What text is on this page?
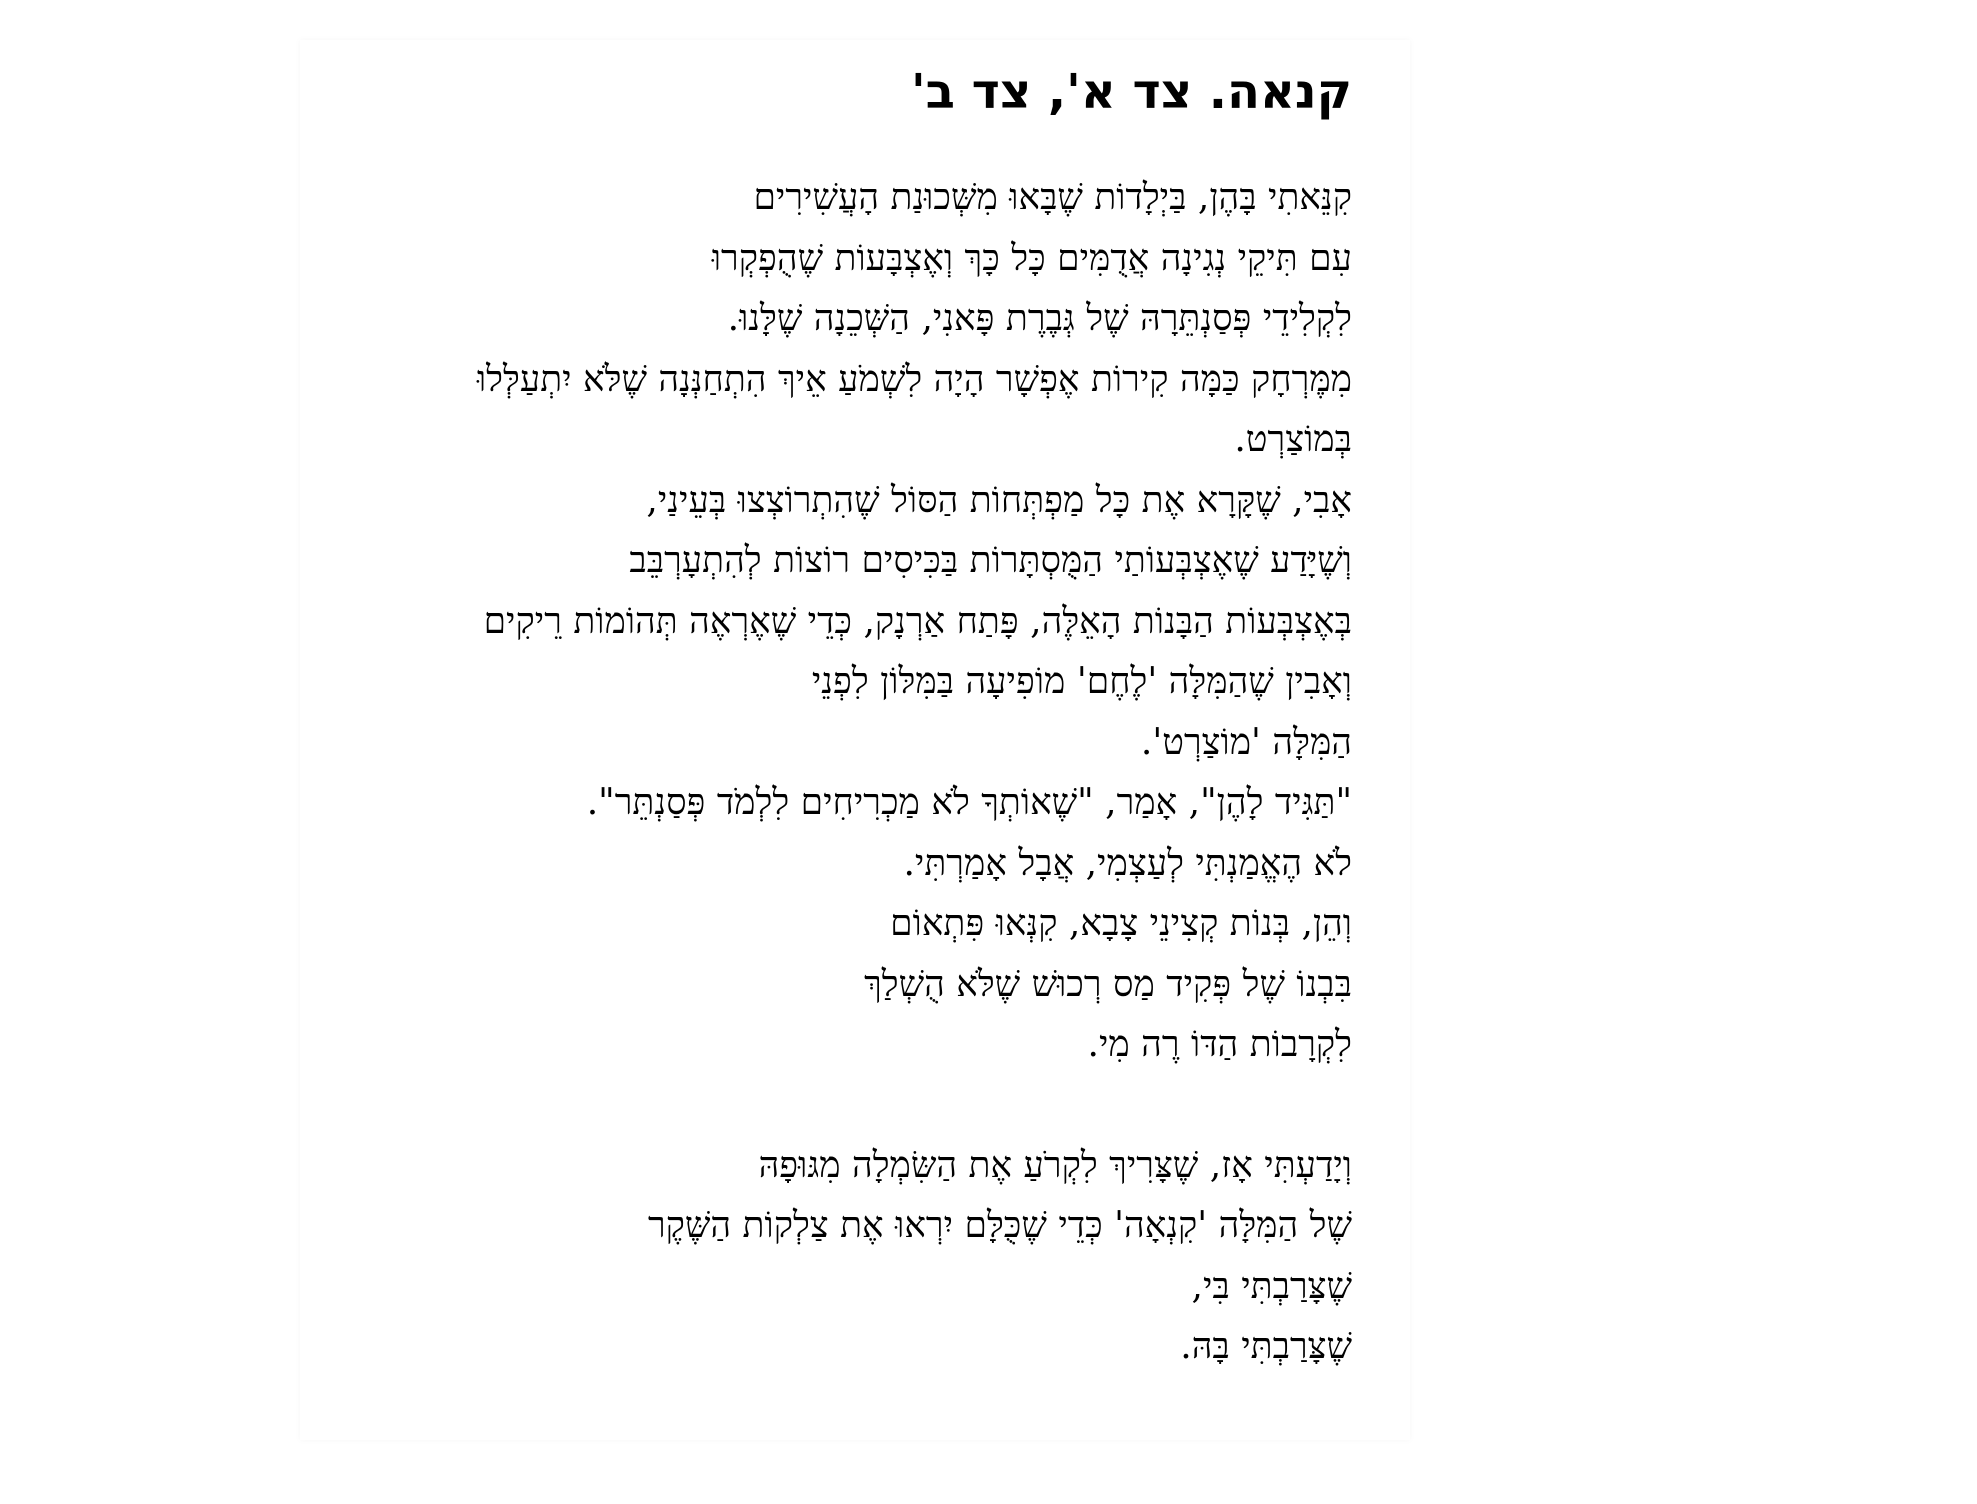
קנאה. צד א', צד ב'

קִנֵּאתִי בָּהֶן, בַּיְלָדוֹת שֶׁבָּאוּ מִשְּׁכוּנַת הָעֲשִׁירִים
עִם תִּיקֵי נְגִינָה אֲדֻמִּים כָּל כָּךְ וְאֶצְבָּעוֹת שֶׁהֻפְקְרוּ
לִקְלִידֵי פְּסַנְתֵּרָהּ שֶׁל גְּבֶרֶת פָּאנִי, הַשְּׁכֵנָה שֶׁלָּנוּ.
מִמֶּרְחָק כַּמָּה קִירוֹת אֶפְשָׁר הָיָה לִשְׁמֹעַ אֵיךְ הִתְחַנְּנָה שֶׁלֹּא יִתְעַלְּלוּ בְּמוֹצַרְט.
אָבִי, שֶׁקָּרָא אֶת כָּל מַפְתְּחוֹת הַסּוֹל שֶׁהִתְרוֹצְצוּ בְּעֵינַי,
וְשֶׁיָּדַע שֶׁאֶצְבְּעוֹתַי הַמֻּסְתָּרוֹת בַּכִּיסִים רוֹצוֹת לְהִתְעָרְבֵּב
בְּאֶצְבְּעוֹת הַבָּנוֹת הָאֵלֶּה, פָּתַח אַרְנָק, כְּדֵי שֶׁאֶרְאֶה תְּהוֹמוֹת רֵיקִים
וְאָבִין שֶׁהַמִּלָּה 'לֶחֶם' מוֹפִיעָה בַּמִּלּוֹן לִפְנֵי
הַמִּלָּה 'מוֹצַרְט'.
"תַּגִּיד לָהֶן", אָמַר, "שֶׁאוֹתְךָ לֹא מַכְרִיחִים לִלְמֹד פְּסַנְתֵּר".
לֹא הֶאֱמַנְתִּי לְעַצְמִי, אֲבָל אָמַרְתִּי.
וְהֵן, בְּנוֹת קְצִינֵי צָבָא, קִנְּאוּ פִּתְאוֹם
בִּבְנוֹ שֶׁל פְּקִיד מַס רְכוּשׁ שֶׁלֹּא הֻשְׁלַךְ
לִקְרָבוֹת הַדּוֹ רֶה מִי.

וְיָדַעְתִּי אָז, שֶׁצָּרִיךְ לִקְרֹעַ אֶת הַשִּׂמְלָה מִגּוּפָהּ
שֶׁל הַמִּלָּה 'קִנְאָה' כְּדֵי שֶׁכֻּלָּם יִרְאוּ אֶת צַלְקוֹת הַשֶּׁקֶר
שֶׁצָּרַבְתִּי בִּי,
שֶׁצָּרַבְתִּי בָּהּ.
